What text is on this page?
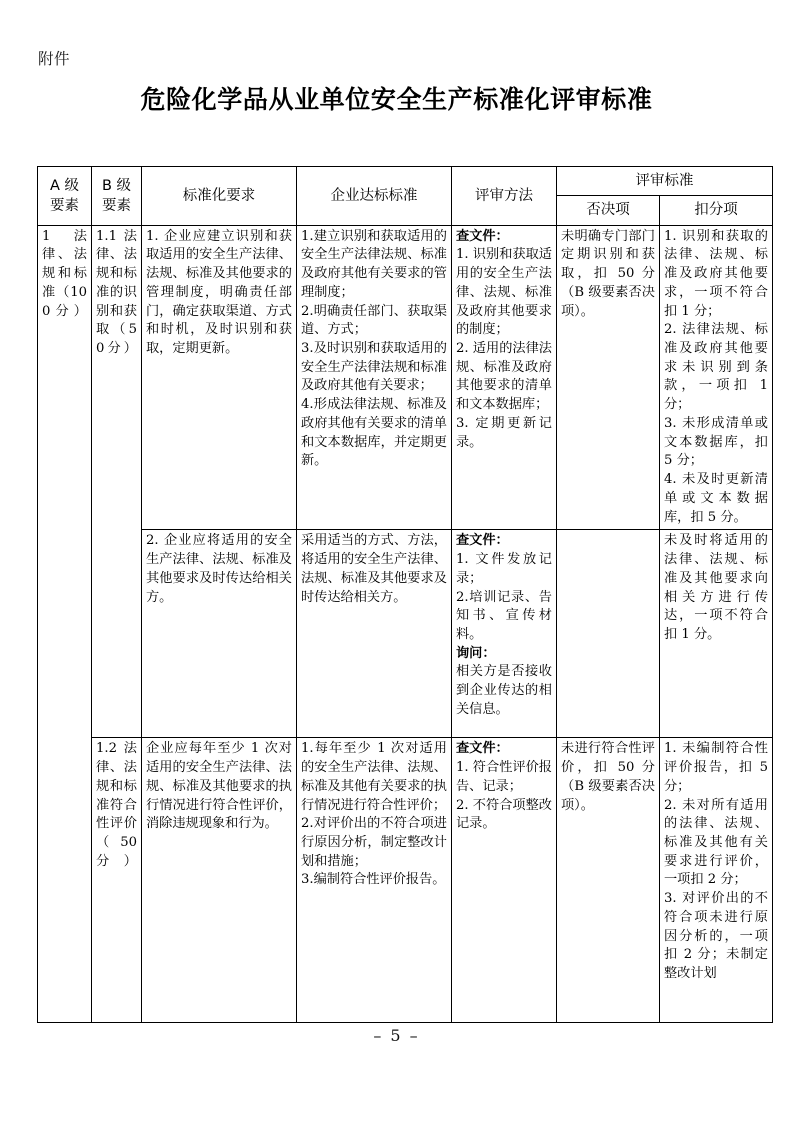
附件
危险化学品从业单位安全生产标准化评审标准
A 级
要素	B 级
要素	标准化要求	企业达标标准	评审方法	评审标准	
					否决项	扣分项
1 法律、法规和标准（100分）	1.1 法律、法规和标准的识别和获取（50分）	1. 企业应建立识别和获取适用的安全生产法律、法规、标准及其他要求的管理制度，明确责任部门，确定获取渠道、方式和时机，及时识别和获取，定期更新。	1.建立识别和获取适用的安全生产法律法规、标准及政府其他有关要求的管理制度；
2.明确责任部门、获取渠道、方式；
3.及时识别和获取适用的安全生产法律法规和标准及政府其他有关要求；
4.形成法律法规、标准及政府其他有关要求的清单和文本数据库，并定期更新。	查文件：
1. 识别和获取适用的安全生产法律、法规、标准及政府其他要求的制度；
2. 适用的法律法规、标准及政府其他要求的清单和文本数据库；
3. 定期更新记录。	未明确专门部门定期识别和获取，扣 50 分（B 级要素否决项）。	1. 识别和获取的法律、法规、标准及政府其他要求，一项不符合扣 1 分；
2. 法律法规、标准及政府其他要求未识别到条款，一项扣 1 分；
3. 未形成清单或文本数据库，扣 5 分；
4. 未及时更新清单或文本数据库，扣 5 分。
		2. 企业应将适用的安全生产法律、法规、标准及其他要求及时传达给相关方。	采用适当的方式、方法，将适用的安全生产法律、法规、标准及其他要求及时传达给相关方。	查文件：
1. 文件发放记录；
2.培训记录、告知书、宣传材料。
询问：
相关方是否接收到企业传达的相关信息。		未及时将适用的法律、法规、标准及其他要求向相关方进行传达，一项不符合扣 1 分。
	1.2 法律、法规和标准符合性评价（50分）	企业应每年至少 1 次对适用的安全生产法律、法规、标准及其他要求的执行情况进行符合性评价，消除违规现象和行为。	1.每年至少 1 次对适用的安全生产法律、法规、标准及其他有关要求的执行情况进行符合性评价；
2.对评价出的不符合项进行原因分析，制定整改计划和措施；
3.编制符合性评价报告。	查文件：
1. 符合性评价报告、记录；
2. 不符合项整改记录。	未进行符合性评价，扣 50 分（B 级要素否决项）。	1. 未编制符合性评价报告，扣 5 分；
2. 未对所有适用的法律、法规、标准及其他有关要求进行评价，一项扣 2 分；
3. 对评价出的不符合项未进行原因分析的，一项扣 2 分；未制定整改计划
– 5 –
